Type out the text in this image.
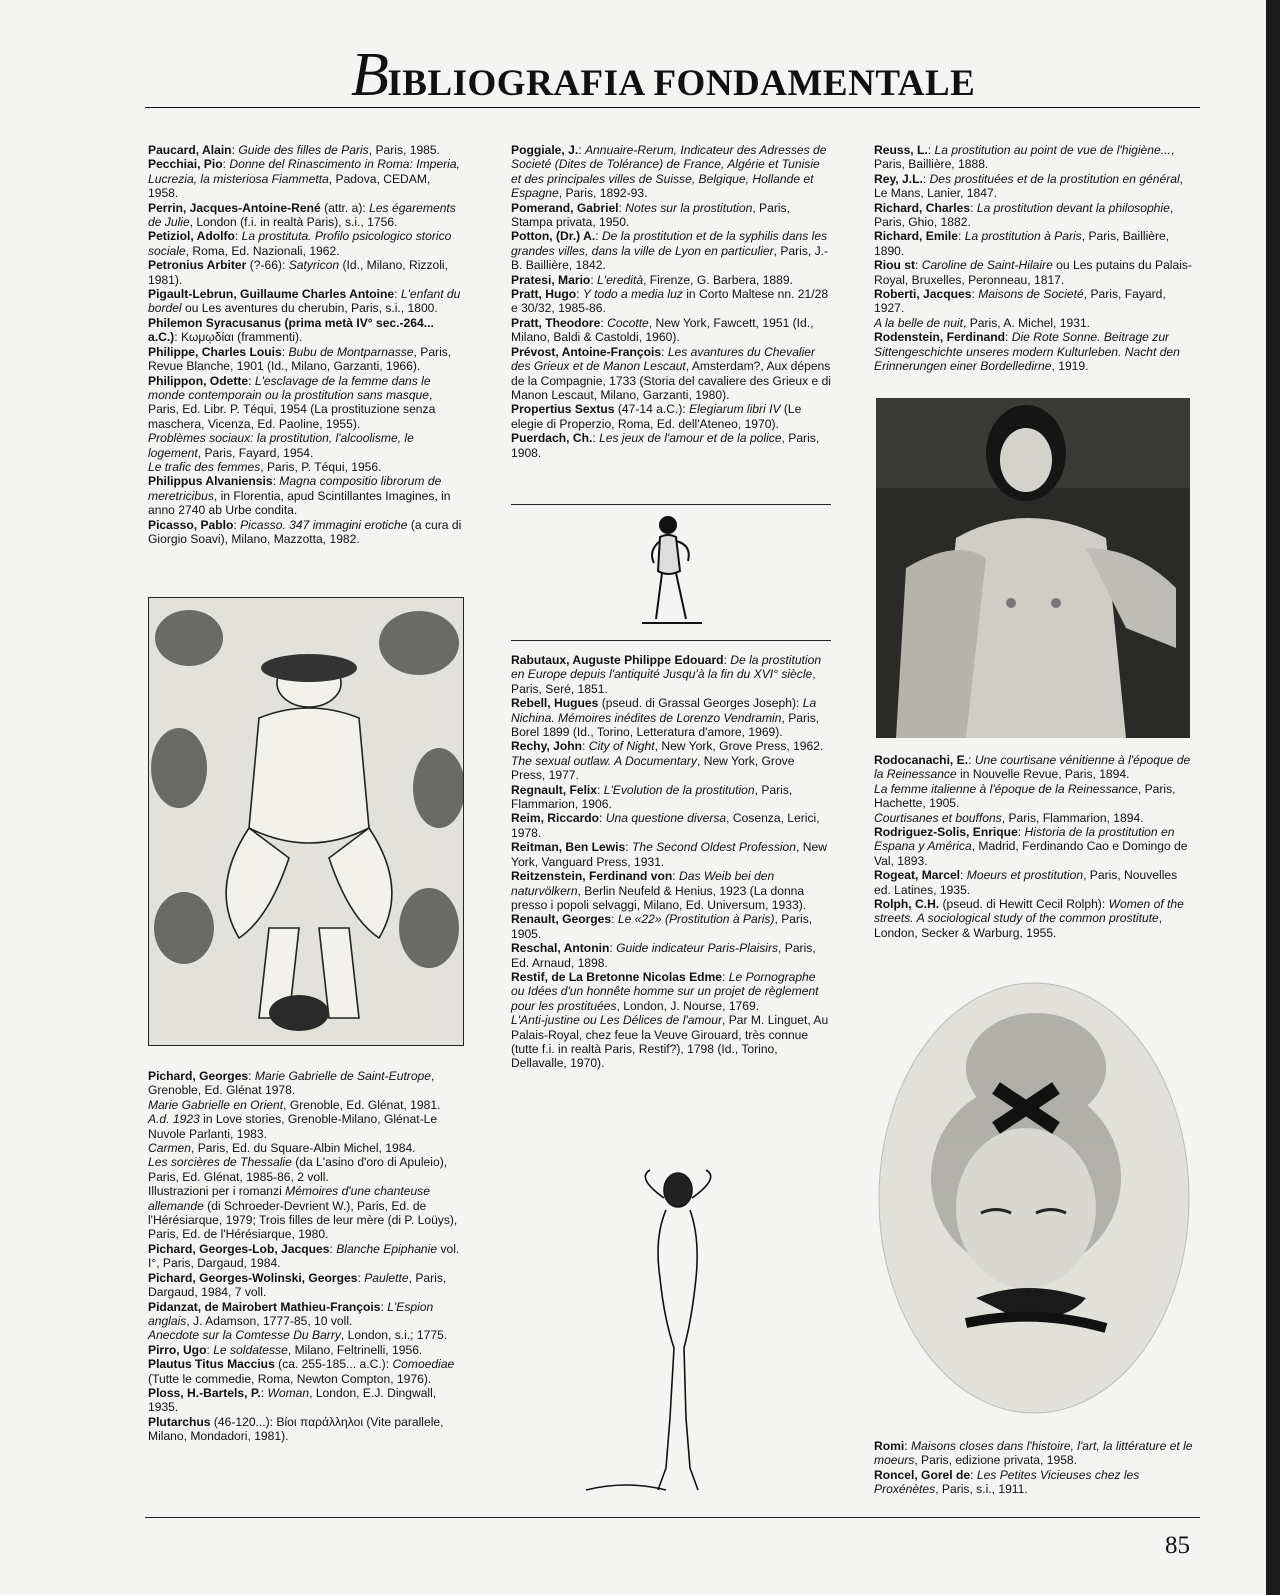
BIBLIOGRAFIA FONDAMENTALE

Paucard, Alain: Guide des filles de Paris, Paris, 1985.

Pecchiai, Pio: Donne del Rinascimento in Roma: Imperia, Lucrezia, la misteriosa Fiammetta, Padova, CEDAM, 1958.

Perrin, Jacques-Antoine-René (attr. a): Les égarements de Julie, London (f.i. in realtà Paris), s.i., 1756.

Petiziol, Adolfo: La prostituta. Profilo psicologico storico sociale, Roma, Ed. Nazionali, 1962.

Petronius Arbiter (?-66): Satyricon (Id., Milano, Rizzoli, 1981).

Pigault-Lebrun, Guillaume Charles Antoine: L'enfant du bordel ou Les aventures du cherubin, Paris, s.i., 1800.

Philemon Syracusanus (prima metà IV° sec.-264... a.C.): Κωμῳδίαι (frammenti).

Philippe, Charles Louis: Bubu de Montparnasse, Paris, Revue Blanche, 1901 (Id., Milano, Garzanti, 1966).

Philippon, Odette: L'esclavage de la femme dans le monde contemporain ou la prostitution sans masque, Paris, Ed. Libr. P. Téqui, 1954 (La prostituzione senza maschera, Vicenza, Ed. Paoline, 1955).

Problèmes sociaux: la prostitution, l'alcoolisme, le logement, Paris, Fayard, 1954.

Le trafic des femmes, Paris, P. Téqui, 1956.

Philippus Alvaniensis: Magna compositio librorum de meretricibus, in Florentia, apud Scintillantes Imagines, in anno 2740 ab Urbe condita.

Picasso, Pablo: Picasso. 347 immagini erotiche (a cura di Giorgio Soavi), Milano, Mazzotta, 1982.

Pichard, Georges: Marie Gabrielle de Saint-Eutrope, Grenoble, Ed. Glénat 1978.

Marie Gabrielle en Orient, Grenoble, Ed. Glénat, 1981.

A.d. 1923 in Love stories, Grenoble-Milano, Glénat-Le Nuvole Parlanti, 1983.

Carmen, Paris, Ed. du Square-Albin Michel, 1984.

Les sorcières de Thessalie (da L'asino d'oro di Apuleio), Paris, Ed. Glénat, 1985-86, 2 voll.

Illustrazioni per i romanzi Mémoires d'une chanteuse allemande (di Schroeder-Devrient W.), Paris, Ed. de l'Hérésiarque, 1979; Trois filles de leur mère (di P. Loüys), Paris, Ed. de l'Hérésiarque, 1980.

Pichard, Georges-Lob, Jacques: Blanche Epiphanie vol. I°, Paris, Dargaud, 1984.

Pichard, Georges-Wolinski, Georges: Paulette, Paris, Dargaud, 1984, 7 voll.

Pidanzat, de Mairobert Mathieu-François: L'Espion anglais, J. Adamson, 1777-85, 10 voll.

Anecdote sur la Comtesse Du Barry, London, s.i.; 1775.

Pirro, Ugo: Le soldatesse, Milano, Feltrinelli, 1956.

Plautus Titus Maccius (ca. 255-185... a.C.): Comoediae (Tutte le commedie, Roma, Newton Compton, 1976).

Ploss, H.-Bartels, P.: Woman, London, E.J. Dingwall, 1935.

Plutarchus (46-120...): Βίοι παράλληλοι (Vite parallele, Milano, Mondadori, 1981).

Poggiale, J.: Annuaire-Rerum, Indicateur des Adresses de Societé (Dites de Tolérance) de France, Algérie et Tunisie et des principales villes de Suisse, Belgique, Hollande et Espagne, Paris, 1892-93.

Pomerand, Gabriel: Notes sur la prostitution, Paris, Stampa privata, 1950.

Potton, (Dr.) A.: De la prostitution et de la syphilis dans les grandes villes, dans la ville de Lyon en particulier, Paris, J.-B. Baillière, 1842.

Pratesi, Mario: L'eredità, Firenze, G. Barbera, 1889.

Pratt, Hugo: Y todo a media luz in Corto Maltese nn. 21/28 e 30/32, 1985-86.

Pratt, Theodore: Cocotte, New York, Fawcett, 1951 (Id., Milano, Baldi & Castoldi, 1960).

Prévost, Antoine-François: Les avantures du Chevalier des Grieux et de Manon Lescaut, Amsterdam?, Aux dépens de la Compagnie, 1733 (Storia del cavaliere des Grieux e di Manon Lescaut, Milano, Garzanti, 1980).

Propertius Sextus (47-14 a.C.): Elegiarum libri IV (Le elegie di Properzio, Roma, Ed. dell'Ateneo, 1970).

Puerdach, Ch.: Les jeux de l'amour et de la police, Paris, 1908.

Rabutaux, Auguste Philippe Edouard: De la prostitution en Europe depuis l'antiquité Jusqu'à la fin du XVI° siècle, Paris, Seré, 1851.

Rebell, Hugues (pseud. di Grassal Georges Joseph): La Nichina. Mémoires inédites de Lorenzo Vendramin, Paris, Borel 1899 (Id., Torino, Letteratura d'amore, 1969).

Rechy, John: City of Night, New York, Grove Press, 1962.

The sexual outlaw. A Documentary, New York, Grove Press, 1977.

Regnault, Felix: L'Evolution de la prostitution, Paris, Flammarion, 1906.

Reim, Riccardo: Una questione diversa, Cosenza, Lerici, 1978.

Reitman, Ben Lewis: The Second Oldest Profession, New York, Vanguard Press, 1931.

Reitzenstein, Ferdinand von: Das Weib bei den naturvölkern, Berlin Neufeld & Henius, 1923 (La donna presso i popoli selvaggi, Milano, Ed. Universum, 1933).

Renault, Georges: Le «22» (Prostitution à Paris), Paris, 1905.

Reschal, Antonin: Guide indicateur Paris-Plaisirs, Paris, Ed. Arnaud, 1898.

Restif, de La Bretonne Nicolas Edme: Le Pornographe ou Idées d'un honnête homme sur un projet de règlement pour les prostituées, London, J. Nourse, 1769.

L'Anti-justine ou Les Délices de l'amour, Par M. Linguet, Au Palais-Royal, chez feue la Veuve Girouard, très connue (tutte f.i. in realtà Paris, Restif?), 1798 (Id., Torino, Dellavalle, 1970).

Reuss, L.: La prostitution au point de vue de l'higiène..., Paris, Baillière, 1888.

Rey, J.L.: Des prostituées et de la prostitution en général, Le Mans, Lanier, 1847.

Richard, Charles: La prostitution devant la philosophie, Paris, Ghio, 1882.

Richard, Emile: La prostitution à Paris, Paris, Baillière, 1890.

Riou st: Caroline de Saint-Hilaire ou Les putains du Palais-Royal, Bruxelles, Peronneau, 1817.

Roberti, Jacques: Maisons de Societé, Paris, Fayard, 1927.

A la belle de nuit, Paris, A. Michel, 1931.

Rodenstein, Ferdinand: Die Rote Sonne. Beitrage zur Sittengeschichte unseres modern Kulturleben. Nacht den Erinnerungen einer Bordelledirne, 1919.

Rodocanachi, E.: Une courtisane vénitienne à l'époque de la Reinessance in Nouvelle Revue, Paris, 1894.

La femme italienne à l'époque de la Reinessance, Paris, Hachette, 1905.

Courtisanes et bouffons, Paris, Flammarion, 1894.

Rodriguez-Solis, Enrique: Historia de la prostitution en Espana y América, Madrid, Ferdinando Cao e Domingo de Val, 1893.

Rogeat, Marcel: Moeurs et prostitution, Paris, Nouvelles ed. Latines, 1935.

Rolph, C.H. (pseud. di Hewitt Cecil Rolph): Women of the streets. A sociological study of the common prostitute, London, Secker & Warburg, 1955.

Romi: Maisons closes dans l'histoire, l'art, la littérature et le moeurs, Paris, edizione privata, 1958.

Roncel, Gorel de: Les Petites Vicieuses chez les Proxénètes, Paris, s.i., 1911.

85
